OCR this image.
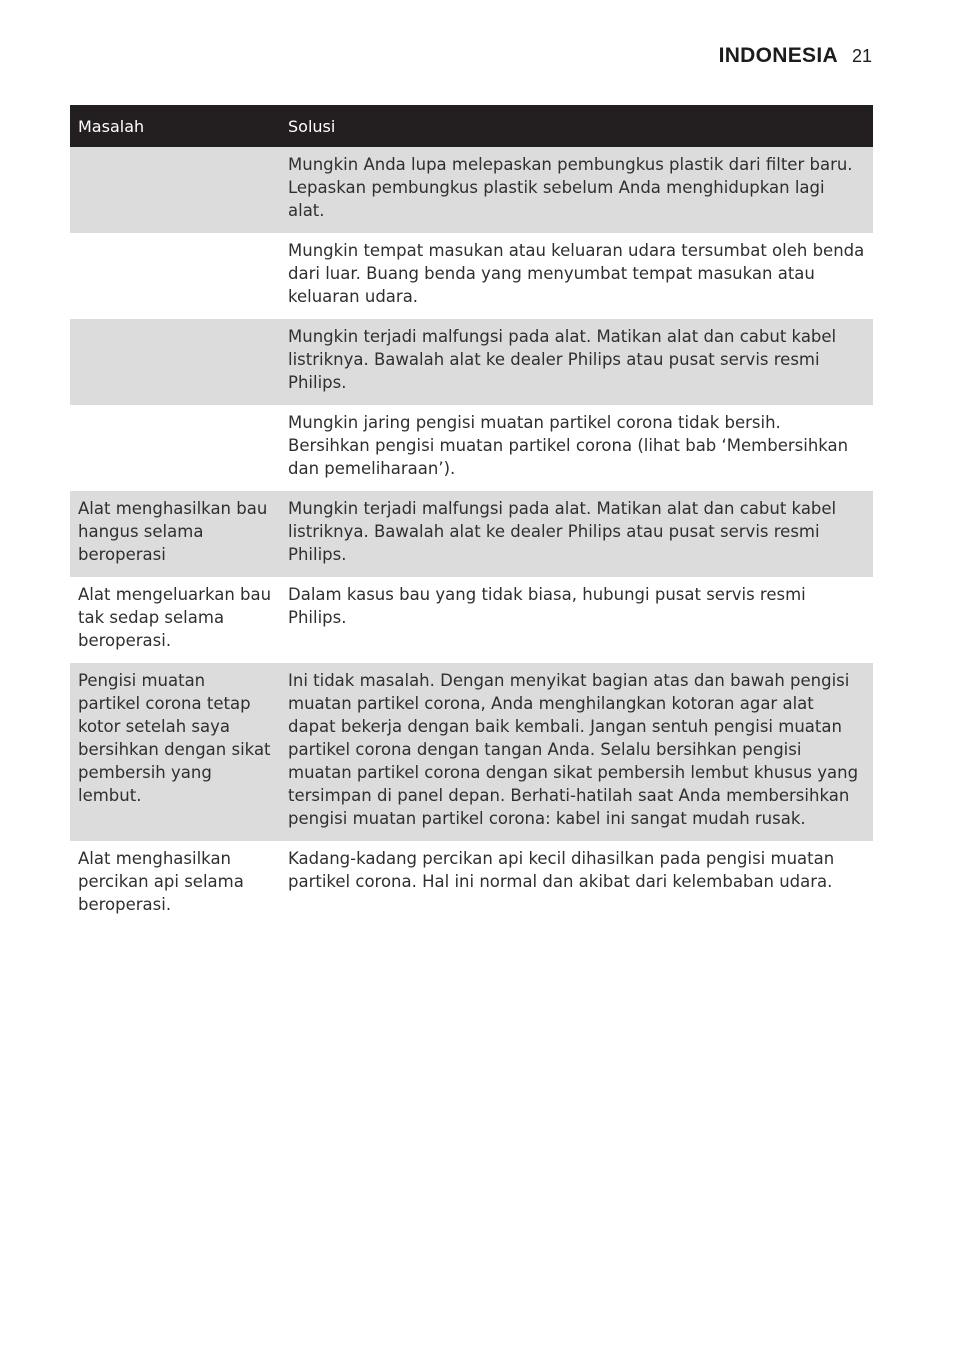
INDONESIA 21
Masalah	Solusi
	Mungkin Anda lupa melepaskan pembungkus plastik dari filter baru. Lepaskan pembungkus plastik sebelum Anda menghidupkan lagi alat.
	Mungkin tempat masukan atau keluaran udara tersumbat oleh benda dari luar. Buang benda yang menyumbat tempat masukan atau keluaran udara.
	Mungkin terjadi malfungsi pada alat. Matikan alat dan cabut kabel listriknya. Bawalah alat ke dealer Philips atau pusat servis resmi Philips.
	Mungkin jaring pengisi muatan partikel corona tidak bersih. Bersihkan pengisi muatan partikel corona (lihat bab ‘Membersihkan dan pemeliharaan’).
Alat menghasilkan bau hangus selama beroperasi	Mungkin terjadi malfungsi pada alat. Matikan alat dan cabut kabel listriknya. Bawalah alat ke dealer Philips atau pusat servis resmi Philips.
Alat mengeluarkan bau tak sedap selama beroperasi.	Dalam kasus bau yang tidak biasa, hubungi pusat servis resmi Philips.
Pengisi muatan partikel corona tetap kotor setelah saya bersihkan dengan sikat pembersih yang lembut.	Ini tidak masalah. Dengan menyikat bagian atas dan bawah pengisi muatan partikel corona, Anda menghilangkan kotoran agar alat dapat bekerja dengan baik kembali. Jangan sentuh pengisi muatan partikel corona dengan tangan Anda. Selalu bersihkan pengisi muatan partikel corona dengan sikat pembersih lembut khusus yang tersimpan di panel depan. Berhati-hatilah saat Anda membersihkan pengisi muatan partikel corona: kabel ini sangat mudah rusak.
Alat menghasilkan percikan api selama beroperasi.	Kadang-kadang percikan api kecil dihasilkan pada pengisi muatan partikel corona. Hal ini normal dan akibat dari kelembaban udara.
